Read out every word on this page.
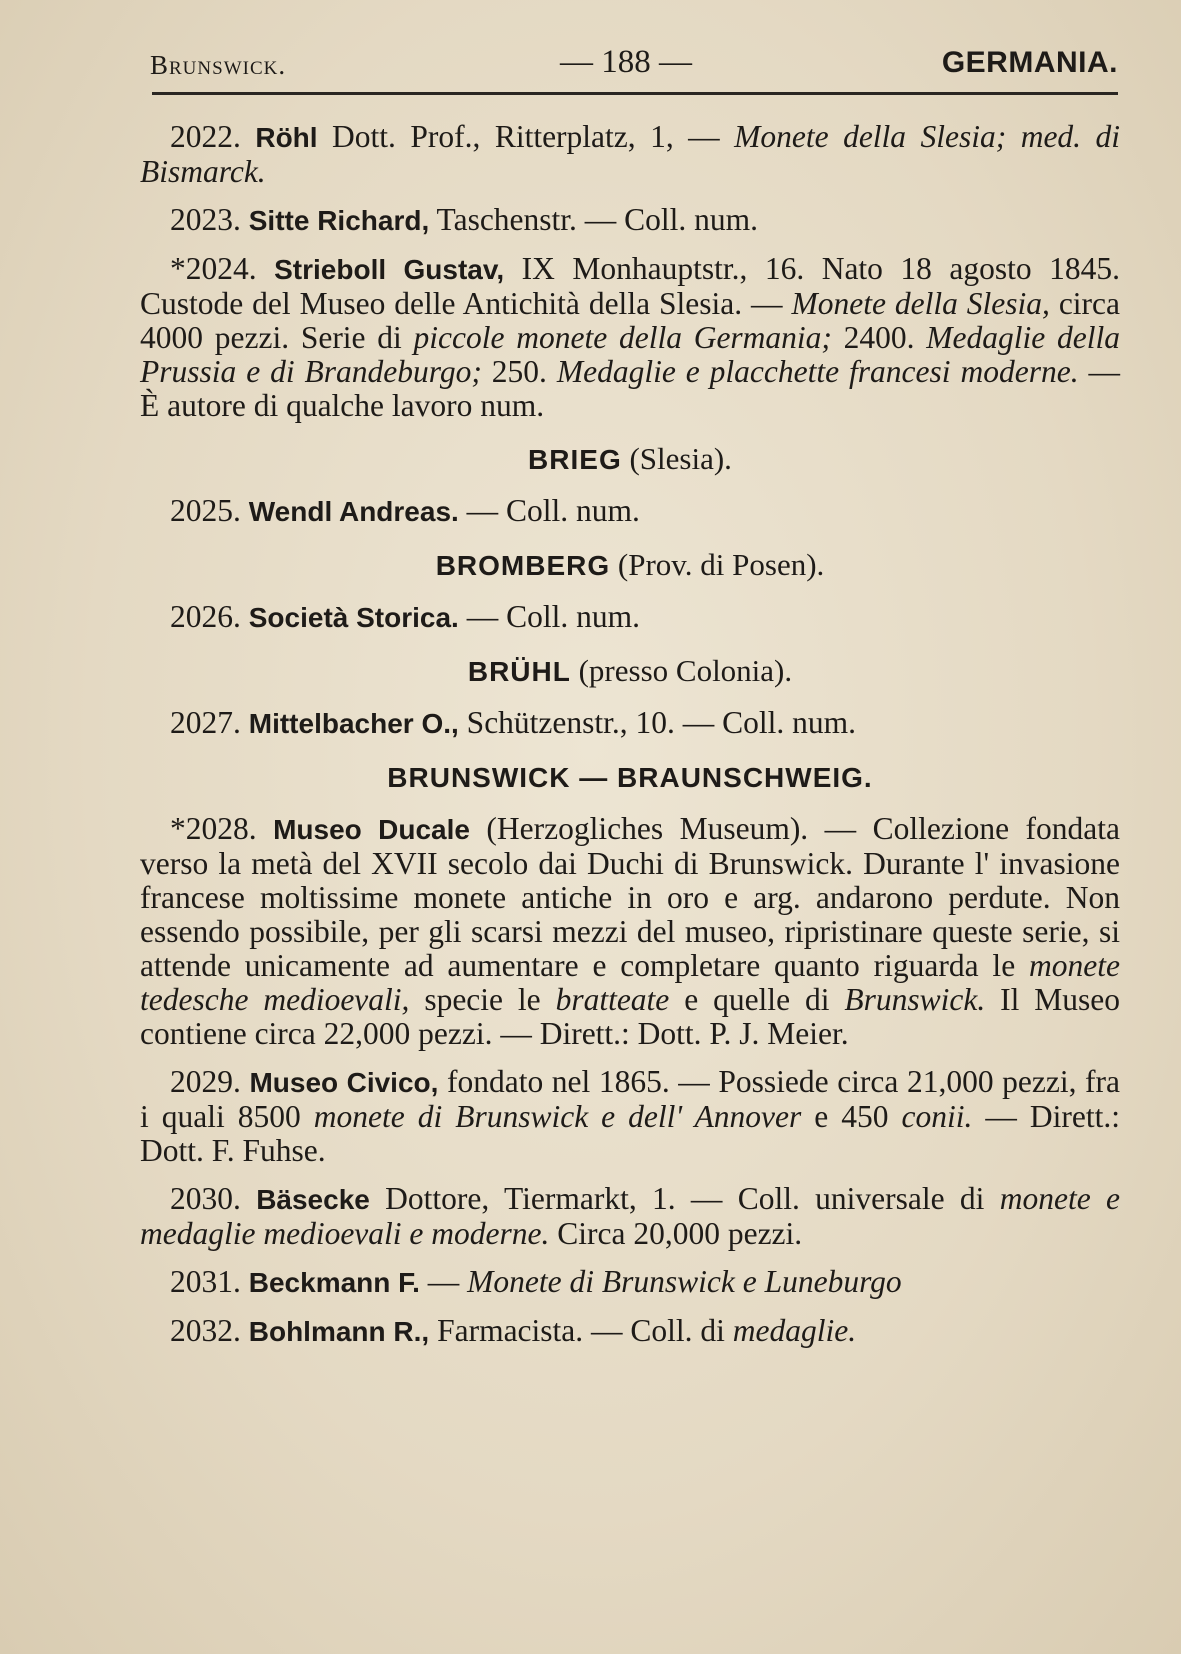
Brunswick.	— 188 —	GERMANIA.

2022. Röhl Dott. Prof., Ritterplatz, 1, — Monete della Slesia; med. di Bismarck.

2023. Sitte Richard, Taschenstr. — Coll. num.

*2024. Strieboll Gustav, IX Monhauptstr., 16. Nato 18 agosto 1845. Custode del Museo delle Antichità della Slesia. — Monete della Slesia, circa 4000 pezzi. Serie di piccole monete della Germania; 2400. Medaglie della Prussia e di Brandeburgo; 250. Medaglie e placchette francesi moderne. — È autore di qualche lavoro num.

BRIEG (Slesia).

2025. Wendl Andreas. — Coll. num.

BROMBERG (Prov. di Posen).

2026. Società Storica. — Coll. num.

BRÜHL (presso Colonia).

2027. Mittelbacher O., Schützenstr., 10. — Coll. num.

BRUNSWICK — BRAUNSCHWEIG.

*2028. Museo Ducale (Herzogliches Museum). — Collezione fondata verso la metà del XVII secolo dai Duchi di Brunswick. Durante l' invasione francese moltissime monete antiche in oro e arg. andarono perdute. Non essendo possibile, per gli scarsi mezzi del museo, ripristinare queste serie, si attende unicamente ad aumentare e completare quanto riguarda le monete tedesche medioevali, specie le bratteate e quelle di Brunswick. Il Museo contiene circa 22,000 pezzi. — Dirett.: Dott. P. J. Meier.

2029. Museo Civico, fondato nel 1865. — Possiede circa 21,000 pezzi, fra i quali 8500 monete di Brunswick e dell' Annover e 450 conii. — Dirett.: Dott. F. Fuhse.

2030. Bäsecke Dottore, Tiermarkt, 1. — Coll. universale di monete e medaglie medioevali e moderne. Circa 20,000 pezzi.

2031. Beckmann F. — Monete di Brunswick e Luneburgo

2032. Bohlmann R., Farmacista. — Coll. di medaglie.
